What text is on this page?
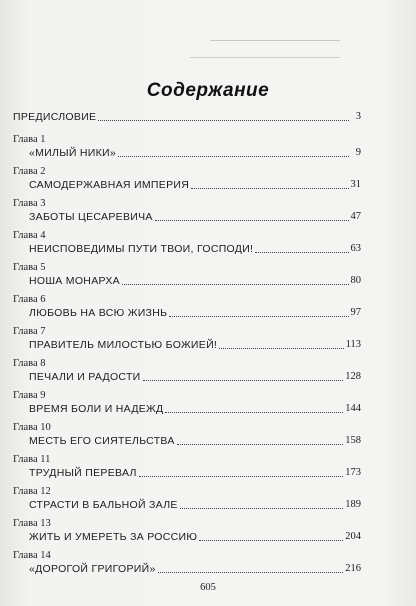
Содержание
ПРЕДИСЛОВИЕ	3
Глава 1
«МИЛЫЙ НИКИ»	9
Глава 2
САМОДЕРЖАВНАЯ ИМПЕРИЯ	31
Глава 3
ЗАБОТЫ ЦЕСАРЕВИЧА	47
Глава 4
НЕИСПОВЕДИМЫ ПУТИ ТВОИ, ГОСПОДИ!	63
Глава 5
НОША МОНАРХА	80
Глава 6
ЛЮБОВЬ НА ВСЮ ЖИЗНЬ	97
Глава 7
ПРАВИТЕЛЬ МИЛОСТЬЮ БОЖИЕЙ!	113
Глава 8
ПЕЧАЛИ И РАДОСТИ	128
Глава 9
ВРЕМЯ БОЛИ И НАДЕЖД	144
Глава 10
МЕСТЬ ЕГО СИЯТЕЛЬСТВА	158
Глава 11
ТРУДНЫЙ ПЕРЕВАЛ	173
Глава 12
СТРАСТИ В БАЛЬНОЙ ЗАЛЕ	189
Глава 13
ЖИТЬ И УМЕРЕТЬ ЗА РОССИЮ	204
Глава 14
«ДОРОГОЙ ГРИГОРИЙ»	216
605
